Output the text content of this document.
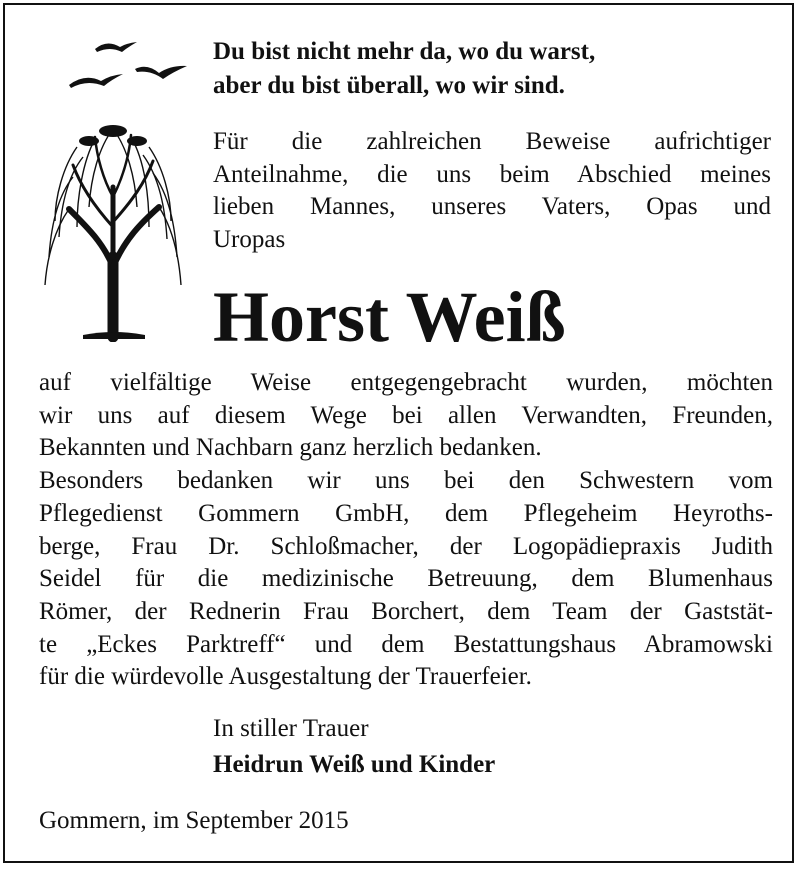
Du bist nicht mehr da, wo du warst,
aber du bist überall, wo wir sind.
Für die zahlreichen Beweise aufrichtiger
Anteilnahme, die uns beim Abschied meines
lieben Mannes, unseres Vaters, Opas und
Uropas
Horst Weiß
auf vielfältige Weise entgegengebracht wurden, möchten
wir uns auf diesem Wege bei allen Verwandten, Freunden,
Bekannten und Nachbarn ganz herzlich bedanken.
Besonders bedanken wir uns bei den Schwestern vom
Pflegedienst Gommern GmbH, dem Pflegeheim Heyroths-
berge, Frau Dr. Schloßmacher, der Logopädiepraxis Judith
Seidel für die medizinische Betreuung, dem Blumenhaus
Römer, der Rednerin Frau Borchert, dem Team der Gaststät-
te „Eckes Parktreff“ und dem Bestattungshaus Abramowski
für die würdevolle Ausgestaltung der Trauerfeier.
In stiller Trauer
Heidrun Weiß und Kinder
Gommern, im September 2015
